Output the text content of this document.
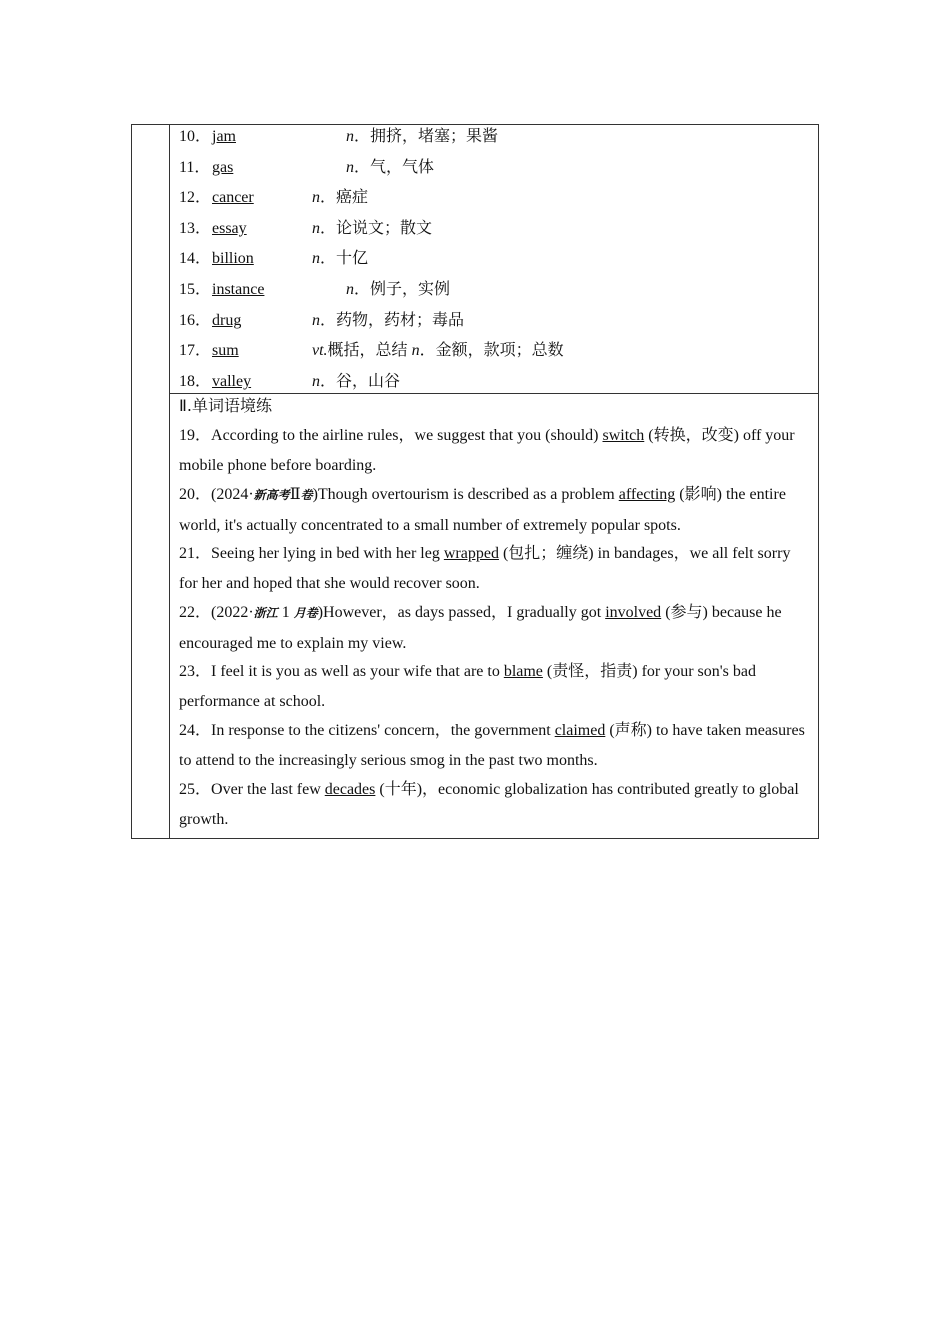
10． jam	n．拥挤，堵塞；果酱
11． gas	n．气，气体
12． cancer	n．癌症
13． essay	n．论说文；散文
14． billion	n．十亿
15． instance	n．例子，实例
16． drug	n．药物，药材；毒品
17． sum	vt.概括，总结 n．金额，款项；总数
18． valley	n．谷，山谷
Ⅱ.单词语境练
19．According to the airline rules，we suggest that you (should) switch (转换，改变) off your mobile phone before boarding.
20．(2024·新高考Ⅱ卷)Though overtourism is described as a problem affecting (影响) the entire world, it's actually concentrated to a small number of extremely popular spots.
21．Seeing her lying in bed with her leg wrapped (包扎；缠绕) in bandages，we all felt sorry for her and hoped that she would recover soon.
22．(2022·浙江 1 月卷)However，as days passed，I gradually got involved (参与) because he encouraged me to explain my view.
23．I feel it is you as well as your wife that are to blame (责怪，指责) for your son's bad performance at school.
24．In response to the citizens' concern，the government claimed (声称) to have taken measures to attend to the increasingly serious smog in the past two months.
25．Over the last few decades (十年)，economic globalization has contributed greatly to global growth.
